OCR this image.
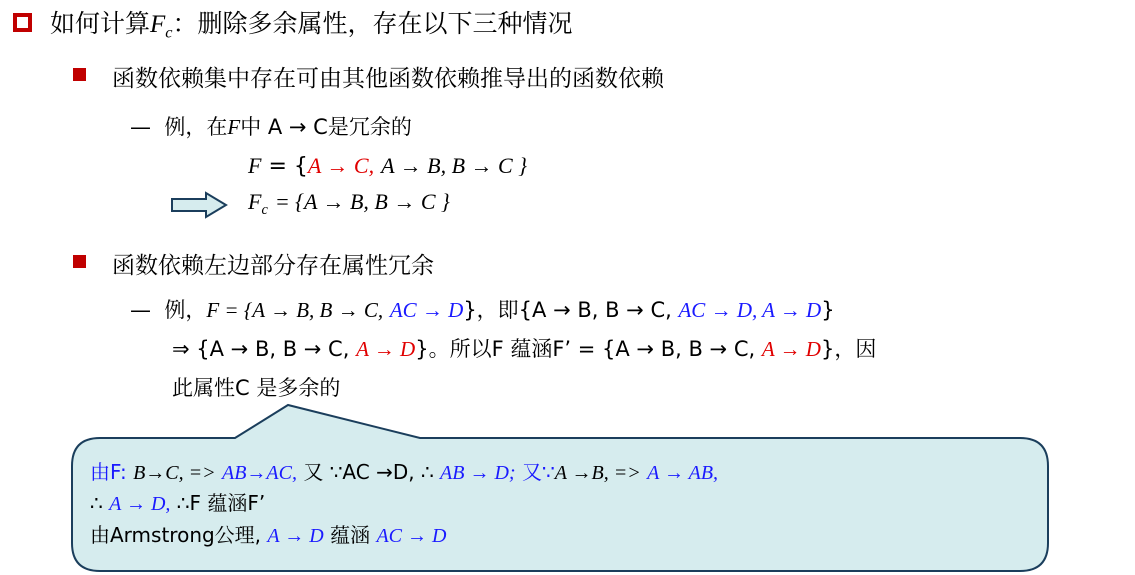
如何计算$F_c$：删除多余属性，存在以下三种情况
函数依赖集中存在可由其他函数依赖推导出的函数依赖
— 例，在F中 A → C是冗余的
F = {A → C, A → B, B → C }
$F_c = \{A \to B$, B → C }
函数依赖左边部分存在属性冗余
— 例，F = {A → B, B → C, AC → D}，即{A → B, B → C, AC → D, A → D}
⇒ {A → B, B → C, A → D}。所以F 蕴涵F’ = {A → B, B → C, A → D}，因
此属性C 是多余的
由F: B→C, => AB→AC, 又 ∵AC →D, ∴ AB → D; 又∵A →B, => A → AB,
∴ A → D, ∴F 蕴涵F’
由Armstrong公理, A → D 蕴涵 AC → D
